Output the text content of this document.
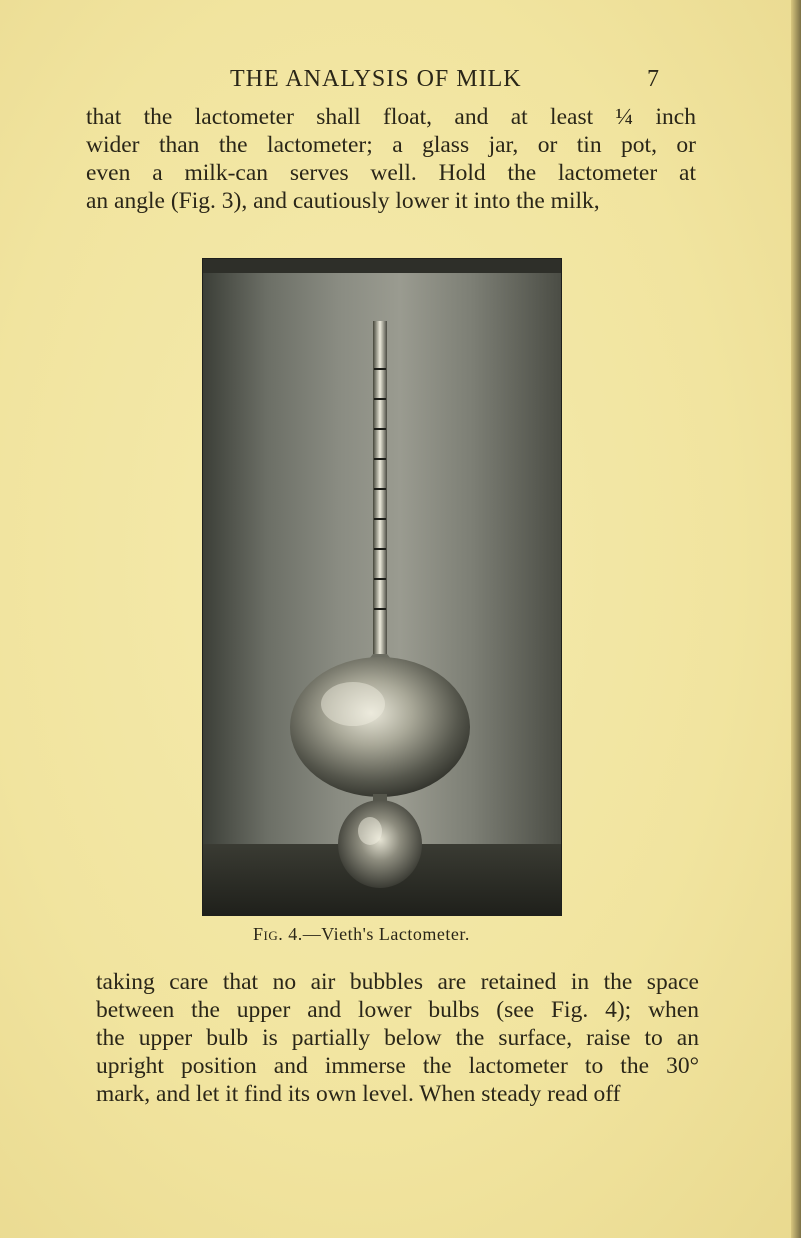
THE ANALYSIS OF MILK	7
that the lactometer shall float, and at least ¼ inch
wider than the lactometer; a glass jar, or tin pot, or
even a milk-can serves well. Hold the lactometer at
an angle (Fig. 3), and cautiously lower it into the milk,
Fig. 4.—Vieth's Lactometer.
taking care that no air bubbles are retained in the space
between the upper and lower bulbs (see Fig. 4); when
the upper bulb is partially below the surface, raise to an
upright position and immerse the lactometer to the 30°
mark, and let it find its own level. When steady read off
